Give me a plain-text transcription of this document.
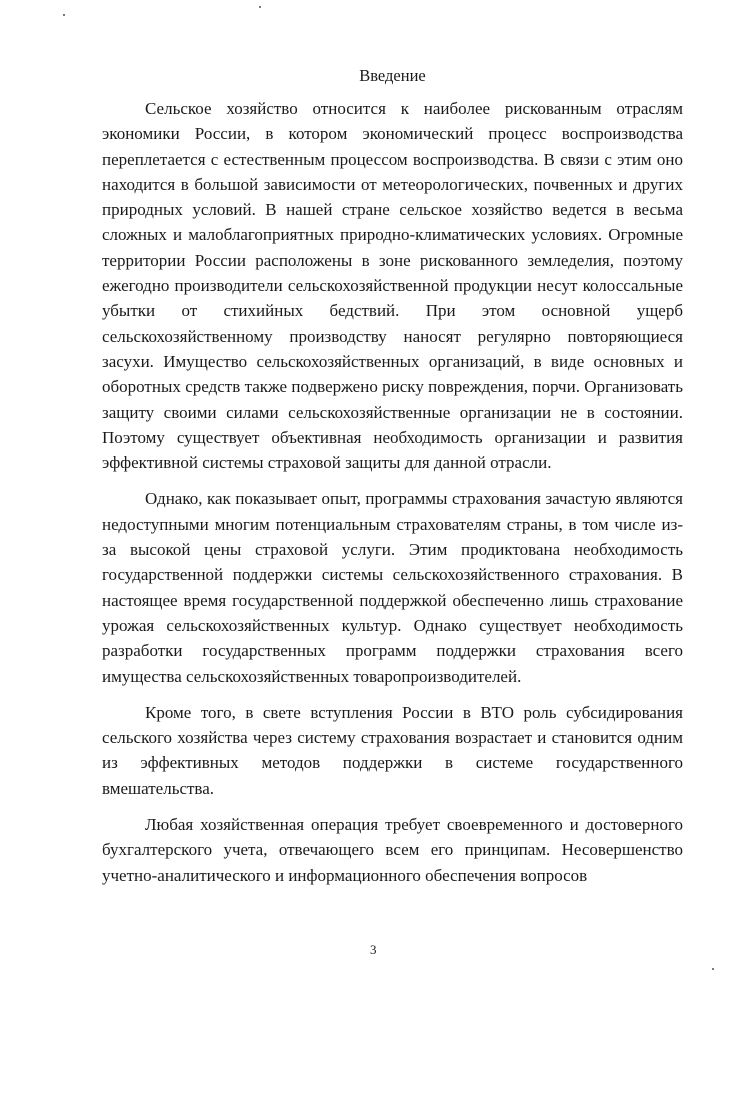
Введение

Сельское хозяйство относится к наиболее рискованным отраслям экономики России, в котором экономический процесс воспроизводства переплетается с естественным процессом воспроизводства. В связи с этим оно находится в большой зависимости от метеорологических, почвенных и других природных условий. В нашей стране сельское хозяйство ведется в весьма сложных и малоблагоприятных природно-климатических условиях. Огромные территории России расположены в зоне рискованного земледелия, поэтому ежегодно производители сельскохозяйственной продукции несут колоссальные убытки от стихийных бедствий. При этом основной ущерб сельскохозяйственному производству наносят регулярно повторяющиеся засухи. Имущество сельскохозяйственных организаций, в виде основных и оборотных средств также подвержено риску повреждения, порчи. Организовать защиту своими силами сельскохозяйственные организации не в состоянии. Поэтому существует объективная необходимость организации и развития эффективной системы страховой защиты для данной отрасли.

Однако, как показывает опыт, программы страхования зачастую являются недоступными многим потенциальным страхователям страны, в том числе из-за высокой цены страховой услуги. Этим продиктована необходимость государственной поддержки системы сельскохозяйственного страхования. В настоящее время государственной поддержкой обеспеченно лишь страхование урожая сельскохозяйственных культур. Однако существует необходимость разработки государственных программ поддержки страхования всего имущества сельскохозяйственных товаропроизводителей.

Кроме того, в свете вступления России в ВТО роль субсидирования сельского хозяйства через систему страхования возрастает и становится одним из эффективных методов поддержки в системе государственного вмешательства.

Любая хозяйственная операция требует своевременного и достоверного бухгалтерского учета, отвечающего всем его принципам. Несовершенство учетно-аналитического и информационного обеспечения вопросов

3
